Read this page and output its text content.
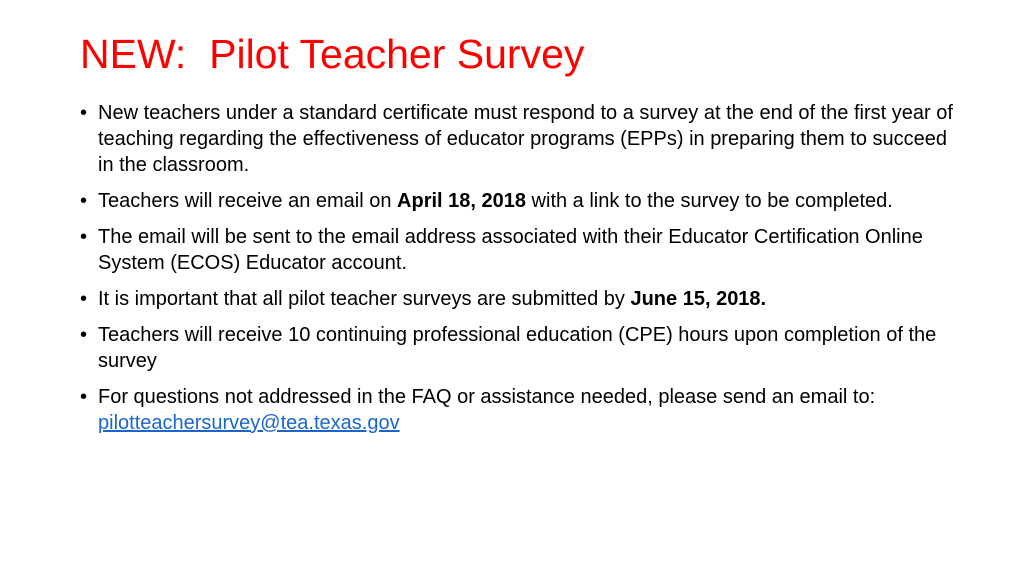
NEW: Pilot Teacher Survey
• New teachers under a standard certificate must respond to a survey at the end of the first year of teaching regarding the effectiveness of educator programs (EPPs) in preparing them to succeed in the classroom.
• Teachers will receive an email on April 18, 2018 with a link to the survey to be completed.
• The email will be sent to the email address associated with their Educator Certification Online System (ECOS) Educator account.
• It is important that all pilot teacher surveys are submitted by June 15, 2018.
• Teachers will receive 10 continuing professional education (CPE) hours upon completion of the survey
• For questions not addressed in the FAQ or assistance needed, please send an email to: pilotteachersurvey@tea.texas.gov
